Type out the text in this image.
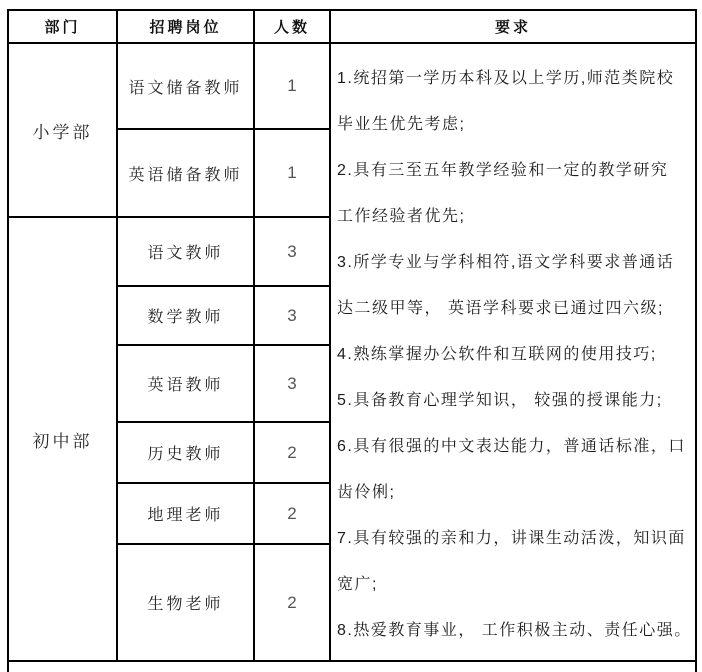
部门	招聘岗位	人数	要求
小学部	语文储备教师	1	1.统招第一学历本科及以上学历,师范类院校
毕业生优先考虑;
2.具有三至五年教学经验和一定的教学研究
工作经验者优先;
3.所学专业与学科相符,语文学科要求普通话
达二级甲等， 英语学科要求已通过四六级;
4.熟练掌握办公软件和互联网的使用技巧;
5.具备教育心理学知识， 较强的授课能力;
6.具有很强的中文表达能力，普通话标准，口
齿伶俐;
7.具有较强的亲和力，讲课生动活泼，知识面
宽广;
8.热爱教育事业， 工作积极主动、责任心强。

	英语储备教师	1	
初中部	语文教师	3	
	数学教师	3	
	英语教师	3	
	历史教师	2	
	地理老师	2	
	生物老师	2	
